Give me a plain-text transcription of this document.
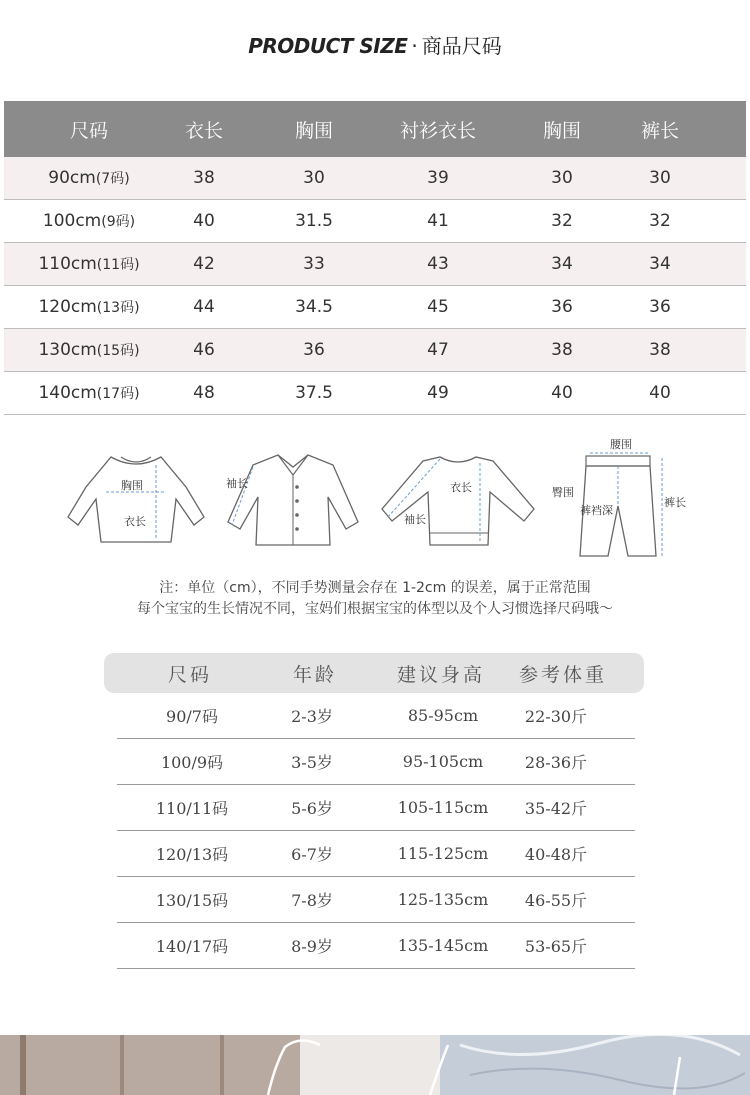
PRODUCT SIZE · 商品尺码
尺码	衣长	胸围	衬衫衣长	胸围	裤长
90cm(7码)	38	30	39	30	30
100cm(9码)	40	31.5	41	32	32
110cm(11码)	42	33	43	34	34
120cm(13码)	44	34.5	45	36	36
130cm(15码)	46	36	47	38	38
140cm(17码)	48	37.5	49	40	40
胸围
衣长
袖长	衣长
袖长
腰围
臀围
裤裆深
裤长
注：单位（cm），不同手势测量会存在 1-2cm 的误差，属于正常范围
每个宝宝的生长情况不同，宝妈们根据宝宝的体型以及个人习惯选择尺码哦～
尺码	年龄	建议身高	参考体重
90/7码	2-3岁	85-95cm	22-30斤
100/9码	3-5岁	95-105cm	28-36斤
110/11码	5-6岁	105-115cm	35-42斤
120/13码	6-7岁	115-125cm	40-48斤
130/15码	7-8岁	125-135cm	46-55斤
140/17码	8-9岁	135-145cm	53-65斤
